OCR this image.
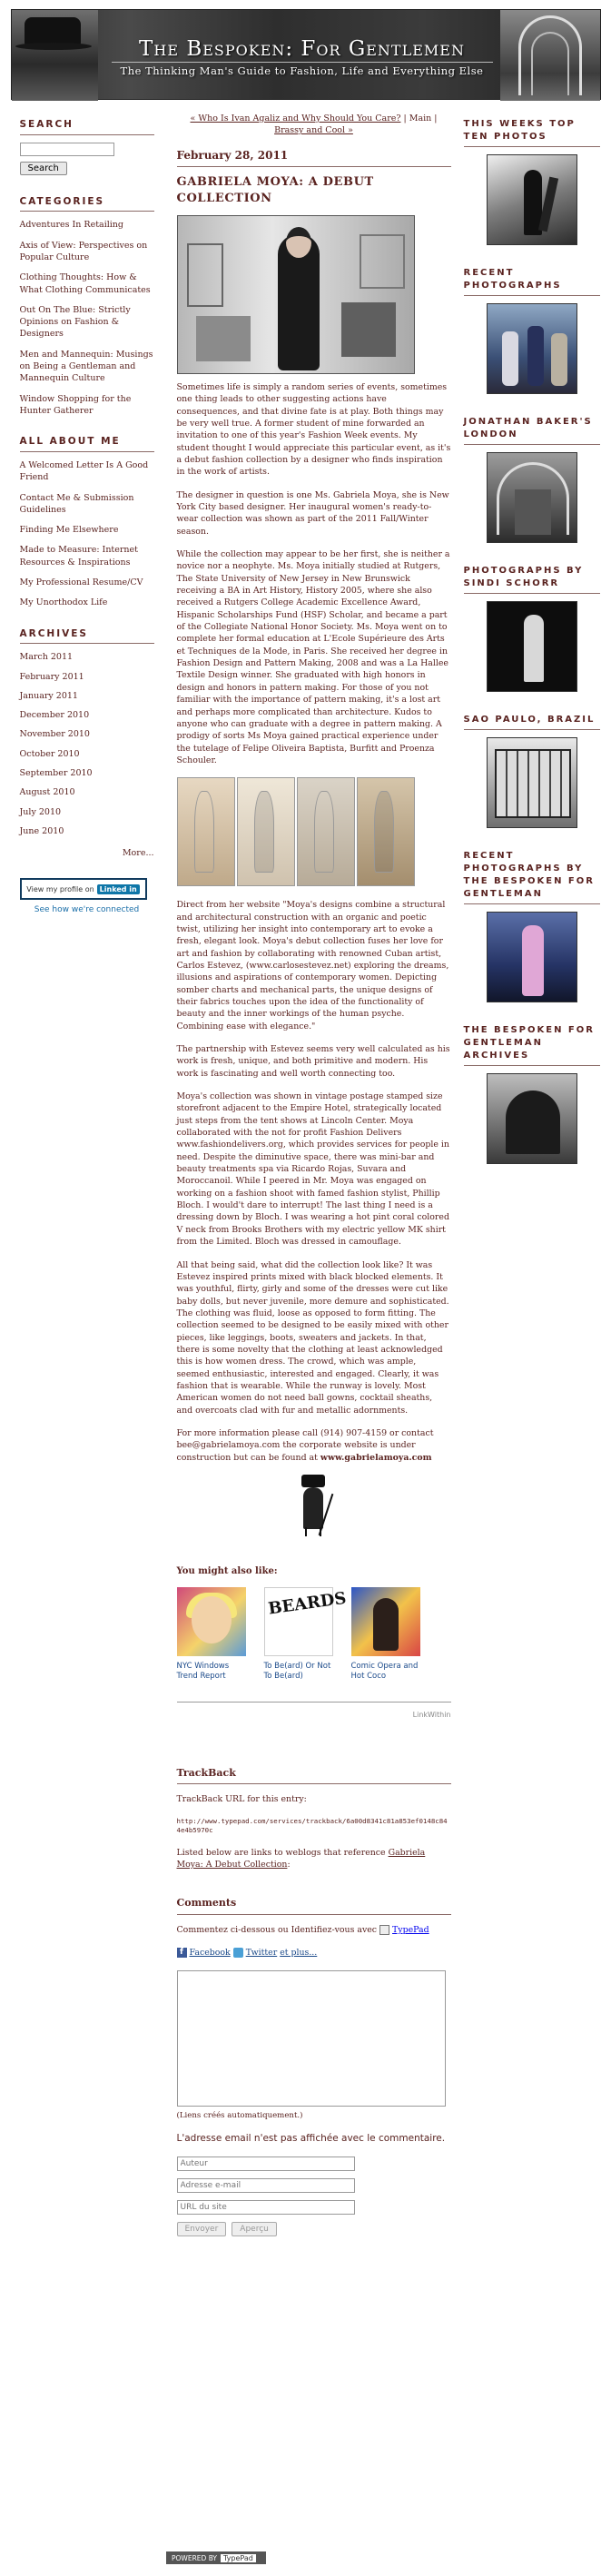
The Bespoken: For Gentlemen
The Thinking Man's Guide to Fashion, Life and Everything Else
SEARCH
Search
CATEGORIES
Adventures In Retailing
Axis of View: Perspectives on Popular Culture
Clothing Thoughts: How & What Clothing Communicates
Out On The Blue: Strictly Opinions on Fashion & Designers
Men and Mannequin: Musings on Being a Gentleman and Mannequin Culture
Window Shopping for the Hunter Gatherer
ALL ABOUT ME
A Welcomed Letter Is A Good Friend
Contact Me & Submission Guidelines
Finding Me Elsewhere
Made to Measure: Internet Resources & Inspirations
My Professional Resume/CV
My Unorthodox Life
ARCHIVES
March 2011
February 2011
January 2011
December 2010
November 2010
October 2010
September 2010
August 2010
July 2010
June 2010
More...
View my profile on Linked in
See how we're connected
« Who Is Ivan Agaliz and Why Should You Care? | Main | Brassy and Cool »
February 28, 2011
GABRIELA MOYA: A DEBUT COLLECTION

Sometimes life is simply a random series of events, sometimes one thing leads to other suggesting actions have consequences, and that divine fate is at play. Both things may be very well true. A former student of mine forwarded an invitation to one of this year's Fashion Week events. My student thought I would appreciate this particular event, as it's a debut fashion collection by a designer who finds inspiration in the work of artists.

The designer in question is one Ms. Gabriela Moya, she is New York City based designer. Her inaugural women's ready-to-wear collection was shown as part of the 2011 Fall/Winter season.

While the collection may appear to be her first, she is neither a novice nor a neophyte. Ms. Moya initially studied at Rutgers, The State University of New Jersey in New Brunswick receiving a BA in Art History, History 2005, where she also received a Rutgers College Academic Excellence Award, Hispanic Scholarships Fund (HSF) Scholar, and became a part of the Collegiate National Honor Society. Ms. Moya went on to complete her formal education at L'Ecole Supérieure des Arts et Techniques de la Mode, in Paris. She received her degree in Fashion Design and Pattern Making, 2008 and was a La Hallee Textile Design winner. She graduated with high honors in design and honors in pattern making. For those of you not familiar with the importance of pattern making, it's a lost art and perhaps more complicated than architecture. Kudos to anyone who can graduate with a degree in pattern making. A prodigy of sorts Ms Moya gained practical experience under the tutelage of Felipe Oliveira Baptista, Burfitt and Proenza Schouler.

Direct from her website "Moya's designs combine a structural and architectural construction with an organic and poetic twist, utilizing her insight into contemporary art to evoke a fresh, elegant look. Moya's debut collection fuses her love for art and fashion by collaborating with renowned Cuban artist, Carlos Estevez, (www.carlosestevez.net) exploring the dreams, illusions and aspirations of contemporary women. Depicting somber charts and mechanical parts, the unique designs of their fabrics touches upon the idea of the functionality of beauty and the inner workings of the human psyche. Combining ease with elegance."

The partnership with Estevez seems very well calculated as his work is fresh, unique, and both primitive and modern. His work is fascinating and well worth connecting too.

Moya's collection was shown in vintage postage stamped size storefront adjacent to the Empire Hotel, strategically located just steps from the tent shows at Lincoln Center. Moya collaborated with the not for profit Fashion Delivers www.fashiondelivers.org, which provides services for people in need. Despite the diminutive space, there was mini-bar and beauty treatments spa via Ricardo Rojas, Suvara and Moroccanoil. While I peered in Mr. Moya was engaged on working on a fashion shoot with famed fashion stylist, Phillip Bloch. I would't dare to interrupt! The last thing I need is a dressing down by Bloch. I was wearing a hot pint coral colored V neck from Brooks Brothers with my electric yellow MK shirt from the Limited. Bloch was dressed in camouflage.

All that being said, what did the collection look like? It was Estevez inspired prints mixed with black blocked elements. It was youthful, flirty, girly and some of the dresses were cut like baby dolls, but never juvenile, more demure and sophisticated. The clothing was fluid, loose as opposed to form fitting. The collection seemed to be designed to be easily mixed with other pieces, like leggings, boots, sweaters and jackets. In that, there is some novelty that the clothing at least acknowledged this is how women dress. The crowd, which was ample, seemed enthusiastic, interested and engaged. Clearly, it was fashion that is wearable. While the runway is lovely. Most American women do not need ball gowns, cocktail sheaths, and overcoats clad with fur and metallic adornments.

For more information please call (914) 907-4159 or contact bee@gabrielamoya.com the corporate website is under construction but can be found at www.gabrielamoya.com

You might also like:
NYC Windows Trend Report
BEARDS
To Be(ard) Or Not To Be(ard)
Comic Opera and Hot Coco
LinkWithin
TrackBack

TrackBack URL for this entry:

http://www.typepad.com/services/trackback/6a00d8341c81a853ef0148c844e4b5970c

Listed below are links to weblogs that reference Gabriela Moya: A Debut Collection:

Comments

Commentez ci-dessous ou Identifiez-vous avec TypePad

f Facebook Twitter et plus...

(Liens créés automatiquement.)

L'adresse email n'est pas affichée avec le commentaire.

Auteur
Adresse e-mail
URL du site
Envoyer	Aperçu
THIS WEEKS TOP TEN PHOTOS
RECENT PHOTOGRAPHS
JONATHAN BAKER'S LONDON
PHOTOGRAPHS BY SINDI SCHORR
SAO PAULO, BRAZIL
RECENT PHOTOGRAPHS BY THE BESPOKEN FOR GENTLEMAN
THE BESPOKEN FOR GENTLEMAN ARCHIVES
POWERED BY TypePad
